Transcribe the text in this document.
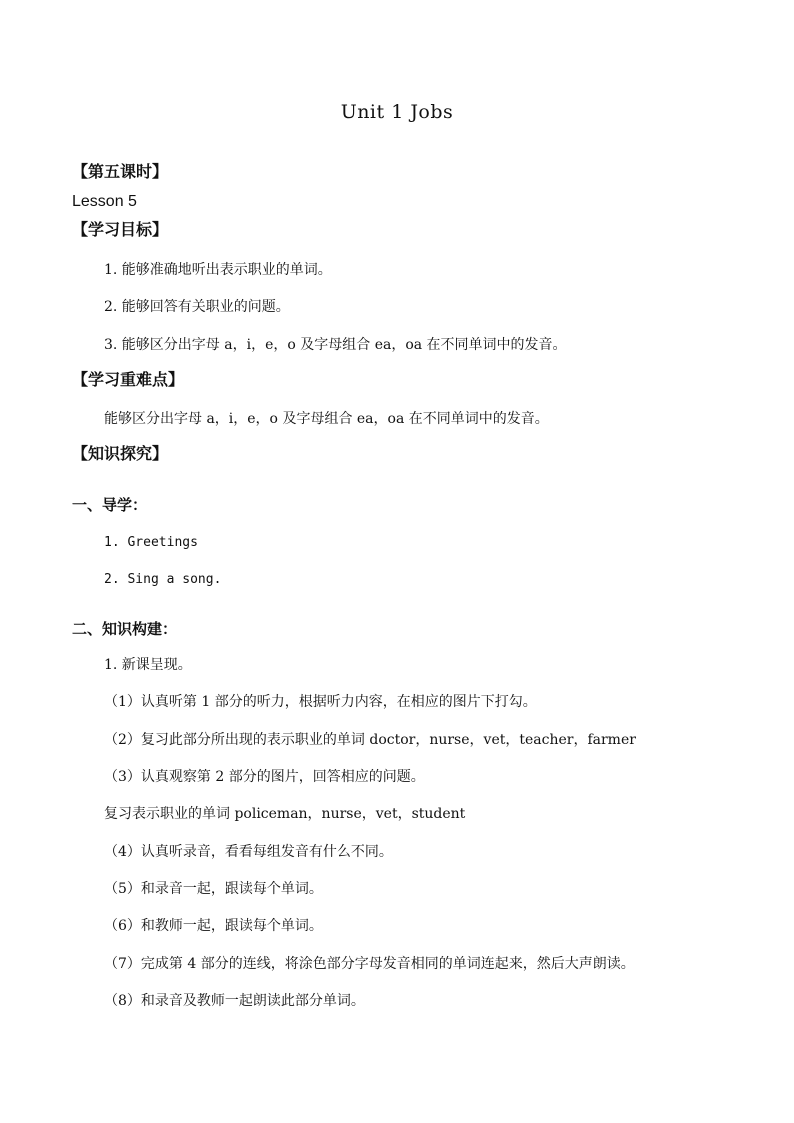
Unit 1 Jobs
【第五课时】
Lesson 5
【学习目标】
1. 能够准确地听出表示职业的单词。
2. 能够回答有关职业的问题。
3. 能够区分出字母 a，i，e，o 及字母组合 ea，oa 在不同单词中的发音。
【学习重难点】
能够区分出字母 a，i，e，o 及字母组合 ea，oa 在不同单词中的发音。
【知识探究】
一、导学：
1. Greetings
2. Sing a song.
二、知识构建：
1. 新课呈现。
（1）认真听第 1 部分的听力，根据听力内容，在相应的图片下打勾。
（2）复习此部分所出现的表示职业的单词 doctor，nurse，vet，teacher，farmer
（3）认真观察第 2 部分的图片，回答相应的问题。
复习表示职业的单词 policeman，nurse，vet，student
（4）认真听录音，看看每组发音有什么不同。
（5）和录音一起，跟读每个单词。
（6）和教师一起，跟读每个单词。
（7）完成第 4 部分的连线，将涂色部分字母发音相同的单词连起来，然后大声朗读。
（8）和录音及教师一起朗读此部分单词。
